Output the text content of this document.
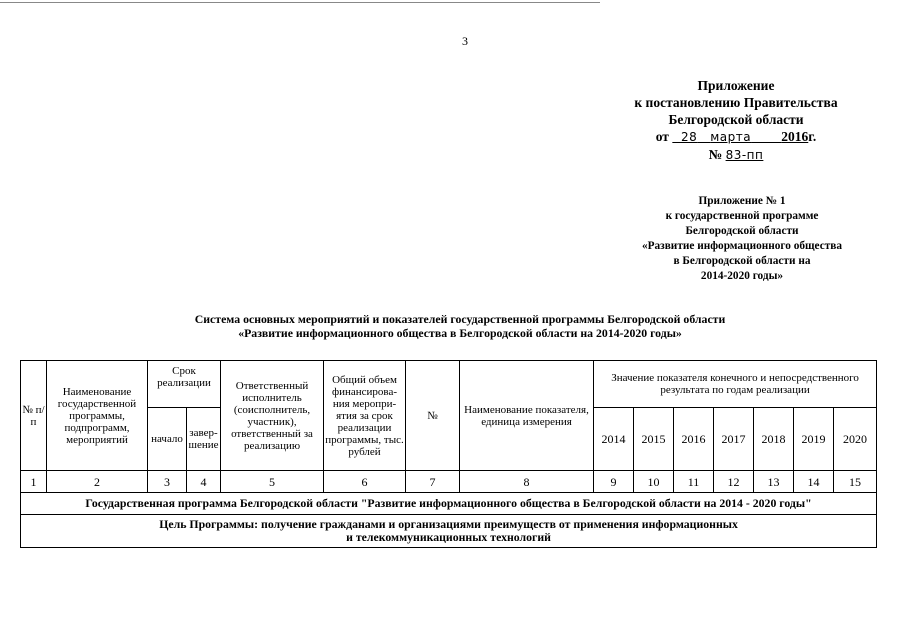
3
Приложение
к постановлению Правительства
Белгородской области
от 28 марта 2016г.
№ 83-пп
Приложение № 1
к государственной программе
Белгородской области
«Развитие информационного общества
в Белгородской области на
2014-2020 годы»
Система основных мероприятий и показателей государственной программы Белгородской области
«Развитие информационного общества в Белгородской области на 2014-2020 годы»
№ п/п	Наименование государственной программы, подпрограмм, мероприятий	Срок реализации		Ответственный исполнитель (соисполнитель, участник), ответственный за реализацию	Общий объем финансирова-ния меропри-ятия за срок реализации программы, тыс. рублей	№	Наименование показателя, единица измерения	Значение показателя конечного и непосредственного результата по годам реализации						
		начало	завер-шение					2014	2015	2016	2017	2018	2019	2020
1	2	3	4	5	6	7	8	9	10	11	12	13	14	15
Государственная программа Белгородской области "Развитие информационного общества в Белгородской области на 2014 - 2020 годы"														

Цель Программы: получение гражданами и организациями преимуществ от применения информационных
и телекоммуникационных технологий														
